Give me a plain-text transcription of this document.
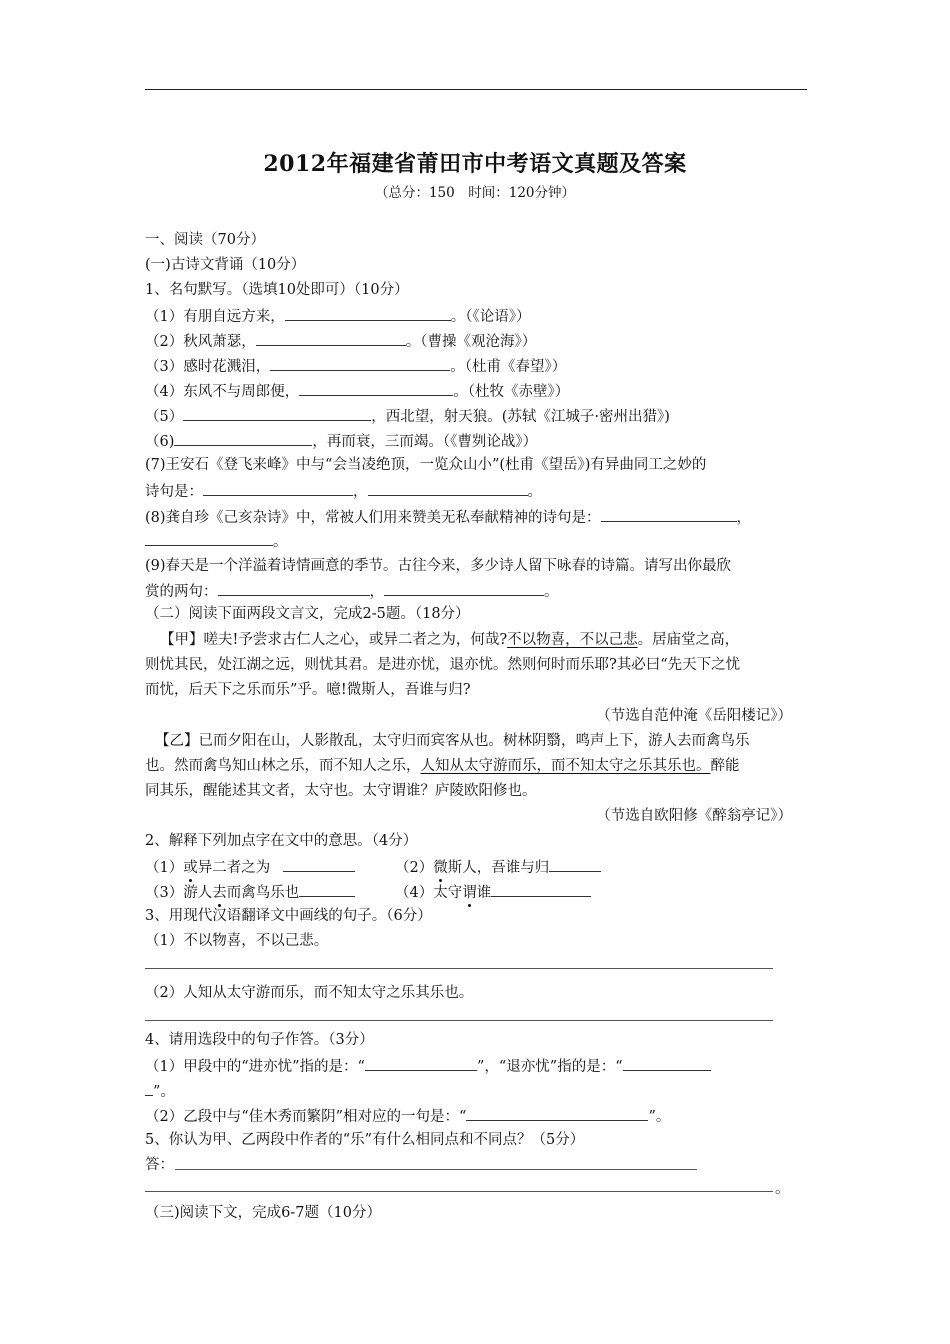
2012年福建省莆田市中考语文真题及答案
（总分：150　时间：120分钟）
一、阅读（70分）
(一)古诗文背诵（10分）
1、名句默写。（选填10处即可）（10分）
（1）有朋自远方来，	。（《论语》）
（2）秋风萧瑟，	。（曹操《观沧海》）
（3）感时花溅泪，	。（杜甫《春望》）
（4）东风不与周郎便，	。（杜牧《赤壁》）
（5）	，西北望，射天狼。(苏轼《江城子·密州出猎》)
（6)	，再而衰，三而竭。（《曹刿论战》）
(7)王安石《登飞来峰》中与“会当凌绝顶，一览众山小”(杜甫《望岳》)有异曲同工之妙的
诗句是：	，	。
(8)龚自珍《己亥杂诗》中，常被人们用来赞美无私奉献精神的诗句是：	，
。
(9)春天是一个洋溢着诗情画意的季节。古往今来，多少诗人留下咏春的诗篇。请写出你最欣
赏的两句：	，	。
（二）阅读下面两段文言文，完成2-5题。（18分）
【甲】嗟夫!予尝求古仁人之心，或异二者之为，何哉?不以物喜，不以己悲。居庙堂之高，
则忧其民，处江湖之远，则忧其君。是进亦忧，退亦忧。然则何时而乐耶?其必曰“先天下之忧
而忧，后天下之乐而乐”乎。噫!微斯人，吾谁与归?
（节选自范仲淹《岳阳楼记》）
【乙】已而夕阳在山，人影散乱，太守归而宾客从也。树林阴翳，鸣声上下，游人去而禽鸟乐
也。然而禽鸟知山林之乐，而不知人之乐，人知从太守游而乐，而不知太守之乐其乐也。醉能
同其乐，醒能述其文者，太守也。太守谓谁？庐陵欧阳修也。
（节选自欧阳修《醉翁亭记》）
2、解释下列加点字在文中的意思。（4分）
（1）或异二者之为	（2）微斯人，吾谁与归
（3）游人去而禽鸟乐也	（4）太守谓谁
3、用现代汉语翻译文中画线的句子。（6分）
（1）不以物喜，不以己悲。
（2）人知从太守游而乐，而不知太守之乐其乐也。
4、请用选段中的句子作答。（3分）
（1）甲段中的“进亦忧”指的是：“	”，“退亦忧”指的是：“
”。
（2）乙段中与“佳木秀而繁阴”相对应的一句是：“	”。
5、你认为甲、乙两段中作者的“乐”有什么相同点和不同点？（5分）
答：
。
（三)阅读下文，完成6-7题（10分）
